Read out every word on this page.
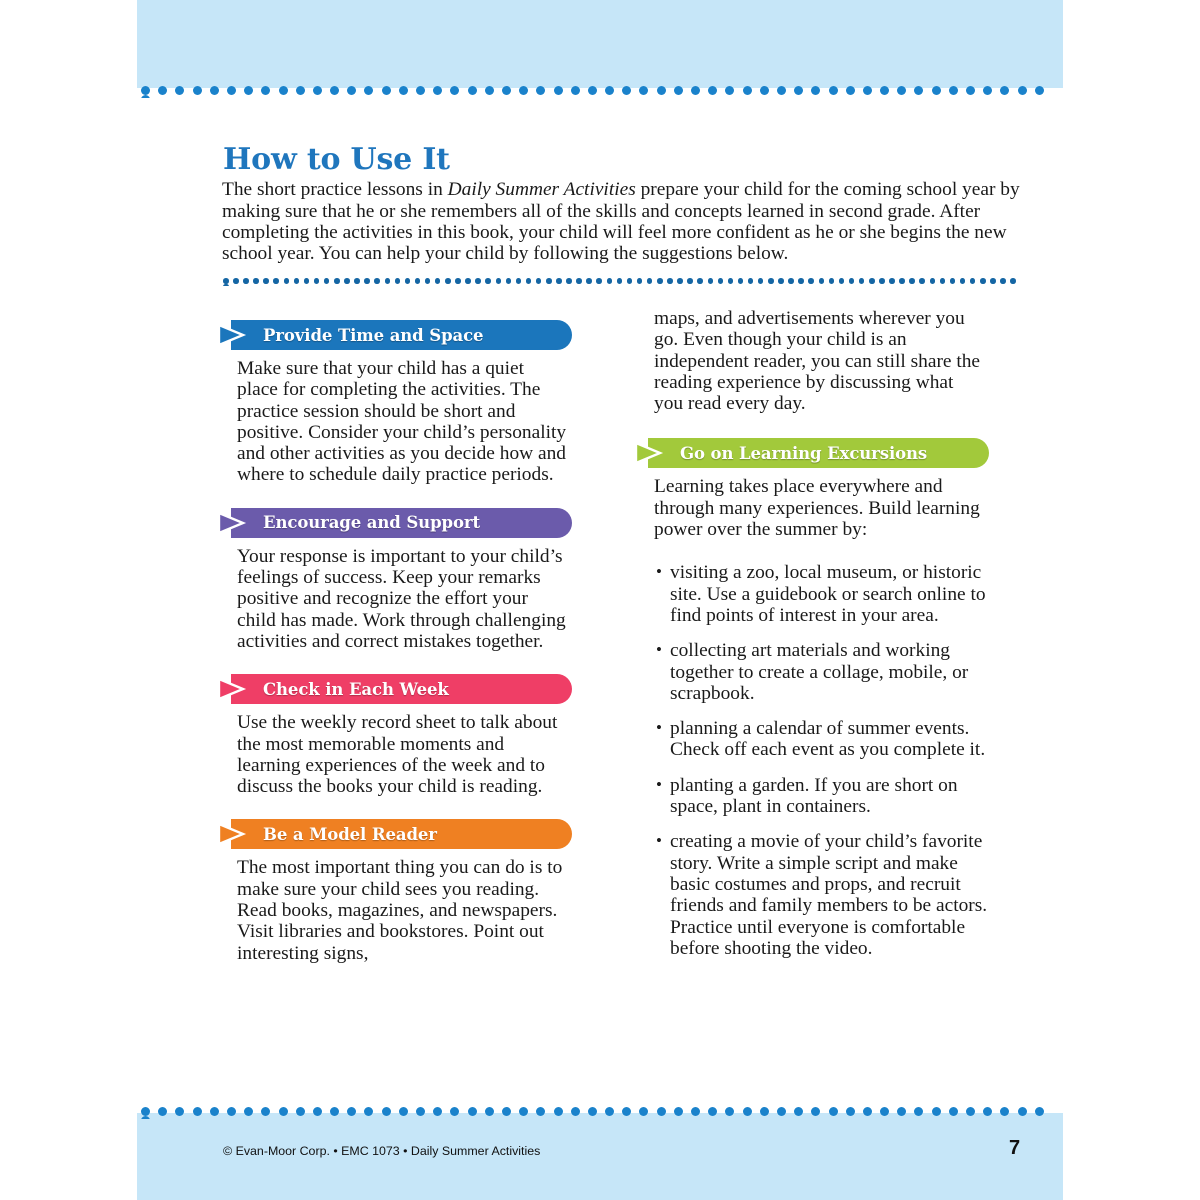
How to Use It

The short practice lessons in Daily Summer Activities prepare your child for the coming school year by making sure that he or she remembers all of the skills and concepts learned in second grade. After completing the activities in this book, your child will feel more confident as he or she begins the new school year. You can help your child by following the suggestions below.

Provide Time and Space

Make sure that your child has a quiet place for completing the activities. The practice session should be short and positive. Consider your child’s personality and other activities as you decide how and where to schedule daily practice periods.

Encourage and Support

Your response is important to your child’s feelings of success. Keep your remarks positive and recognize the effort your child has made. Work through challenging activities and correct mistakes together.

Check in Each Week

Use the weekly record sheet to talk about the most memorable moments and learning experiences of the week and to discuss the books your child is reading.

Be a Model Reader

The most important thing you can do is to make sure your child sees you reading. Read books, magazines, and newspapers. Visit libraries and bookstores. Point out interesting signs,

maps, and advertisements wherever you go. Even though your child is an independent reader, you can still share the reading experience by discussing what you read every day.

Go on Learning Excursions

Learning takes place everywhere and through many experiences. Build learning power over the summer by:

• visiting a zoo, local museum, or historic site. Use a guidebook or search online to find points of interest in your area.
• collecting art materials and working together to create a collage, mobile, or scrapbook.
• planning a calendar of summer events. Check off each event as you complete it.
• planting a garden. If you are short on space, plant in containers.
• creating a movie of your child’s favorite story. Write a simple script and make basic costumes and props, and recruit friends and family members to be actors. Practice until everyone is comfortable before shooting the video.
© Evan-Moor Corp. • EMC 1073 • Daily Summer Activities	7
